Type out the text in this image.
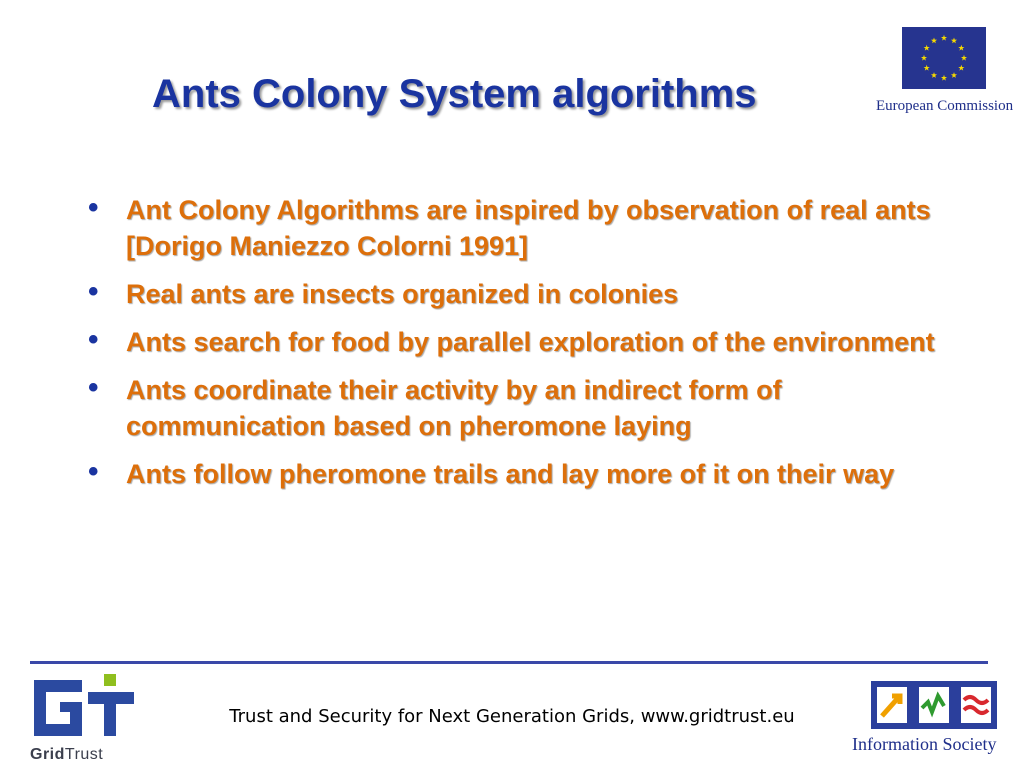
Ants Colony System algorithms	European Commission
• Ant Colony Algorithms are inspired by observation of real ants [Dorigo Maniezzo Colorni 1991]
• Real ants are insects organized in colonies
• Ants search for food by parallel exploration of the environment
• Ants coordinate their activity by an indirect form of communication based on pheromone laying
• Ants follow pheromone trails and lay more of it on their way
GridTrust
Trust and Security for Next Generation Grids, www.gridtrust.eu
Information Society
